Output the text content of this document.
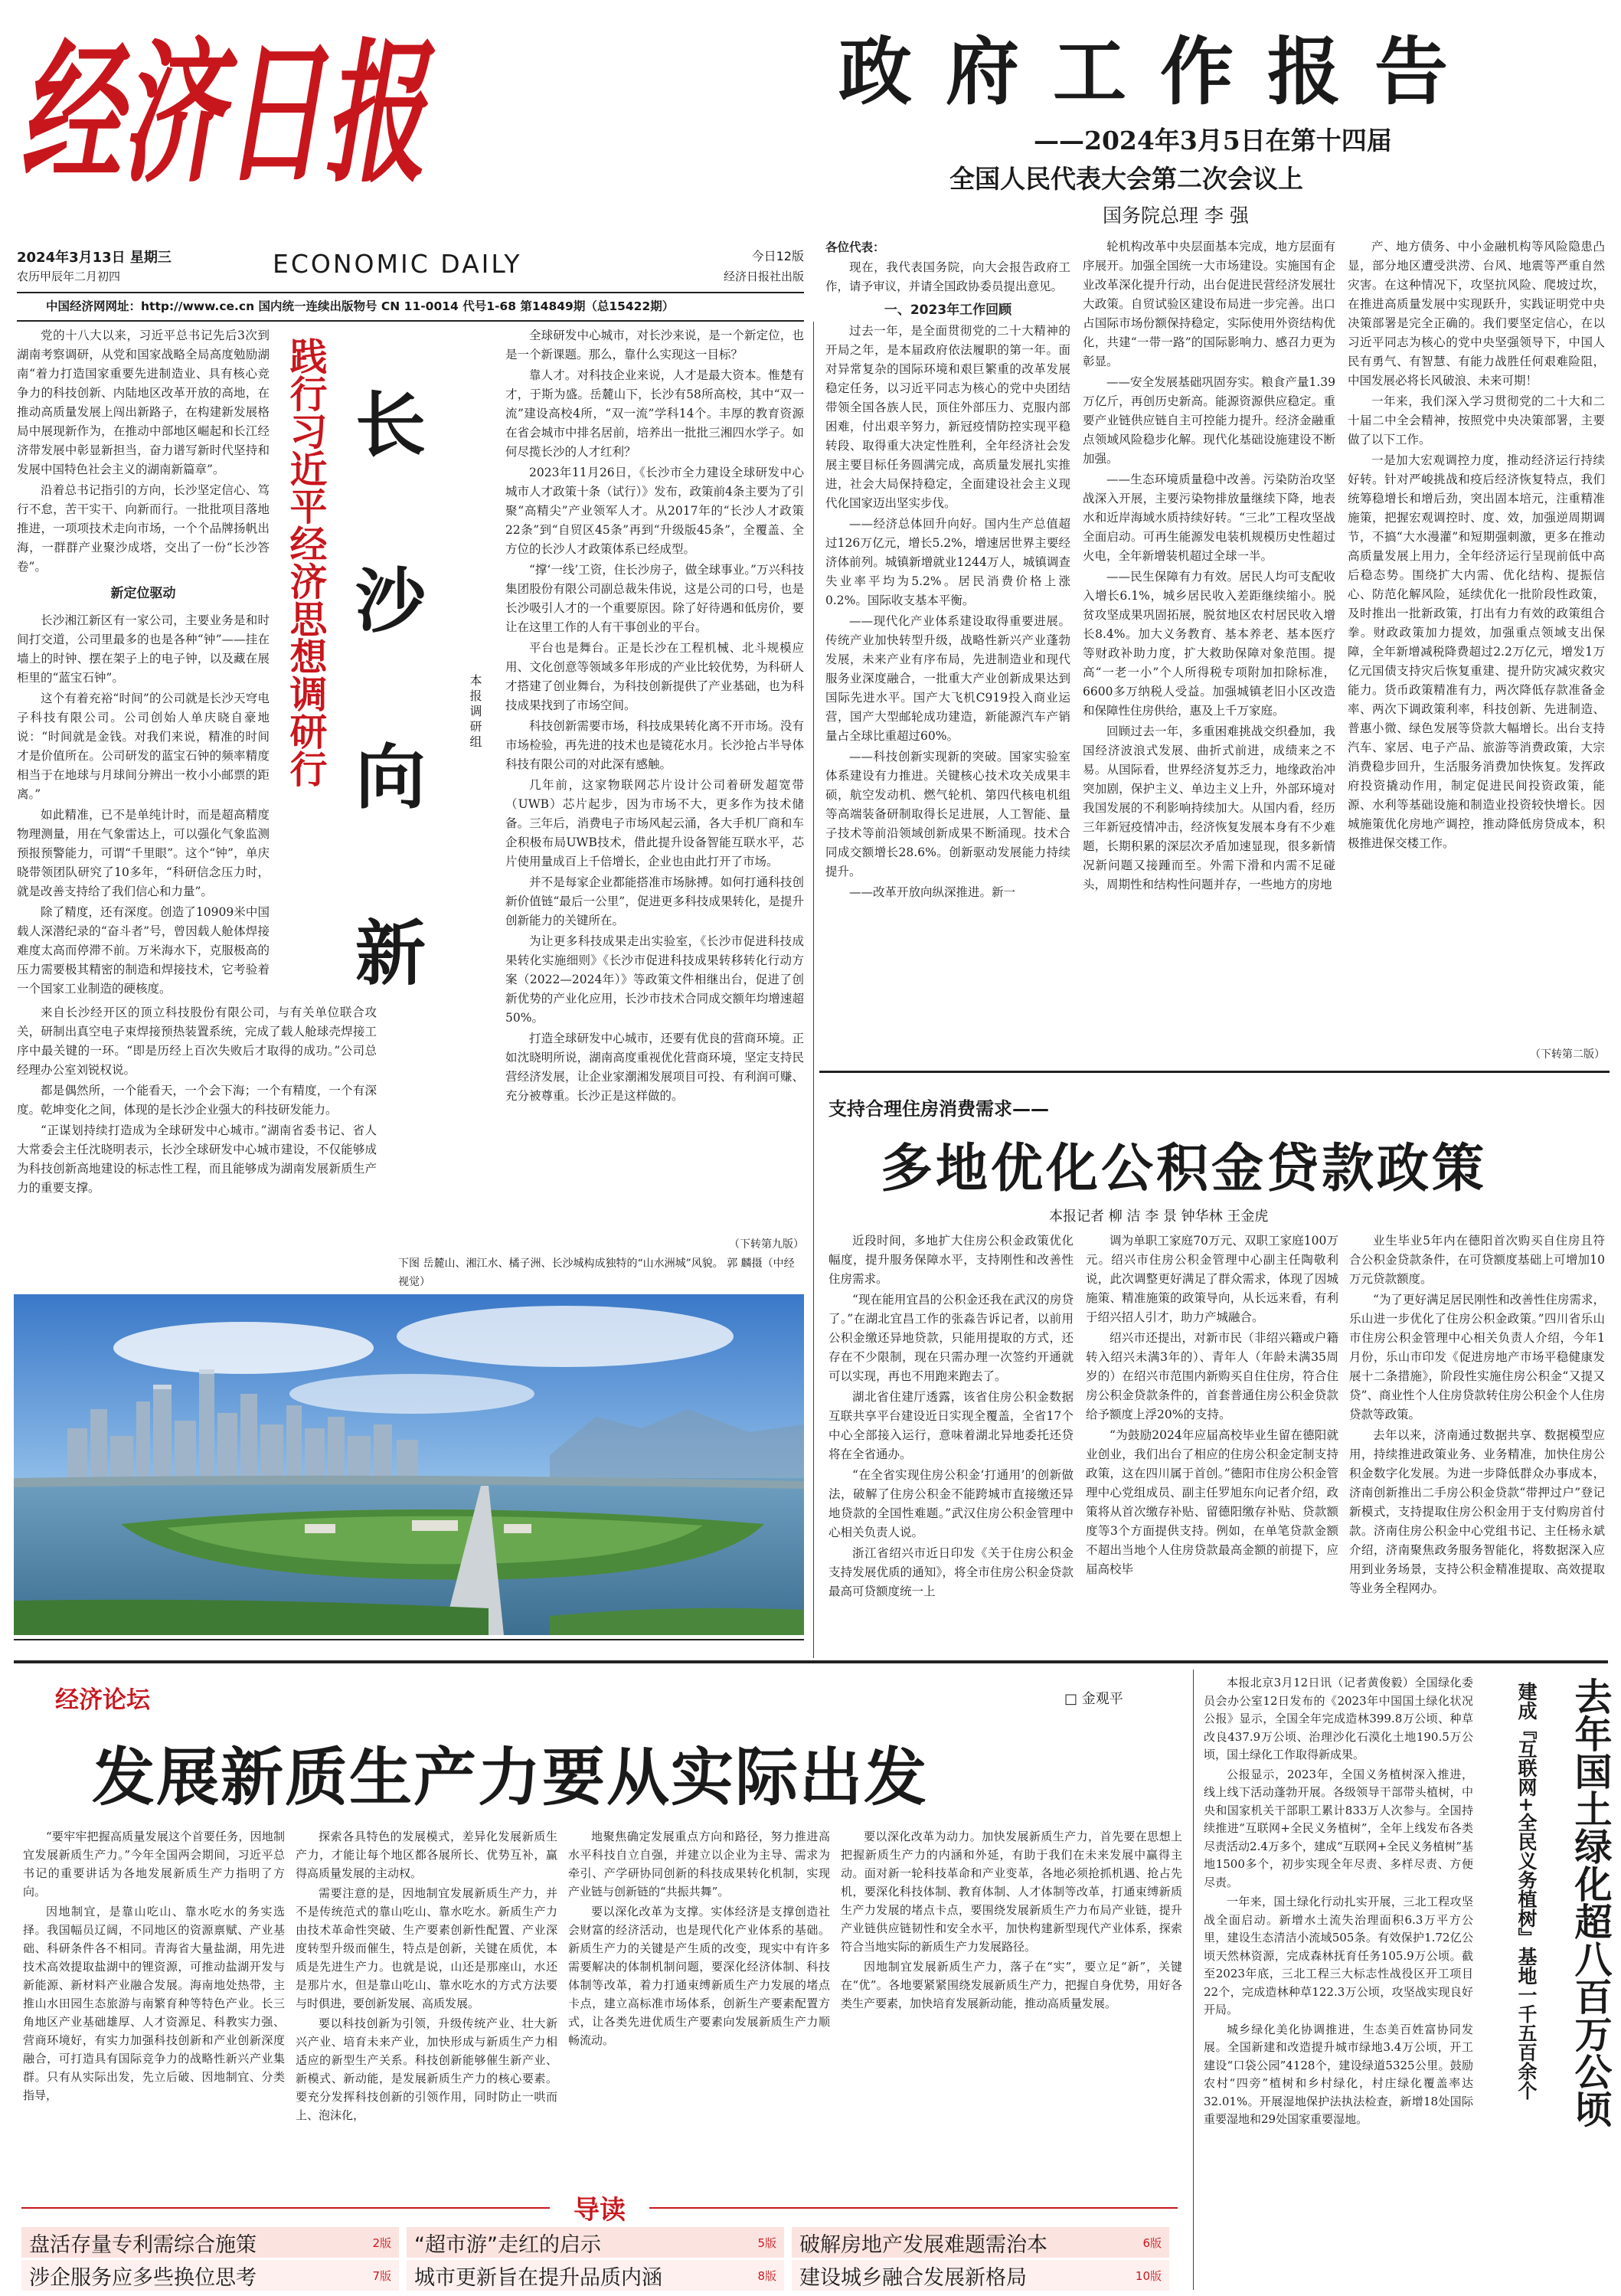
经济日报
2024年3月13日 星期三
农历甲辰年二月初四	ECONOMIC DAILY	今日12版
经济日报社出版
中国经济网网址：http://www.ce.cn 国内统一连续出版物号 CN 11-0014 代号1-68 第14849期（总15422期）
政府工作报告
——2024年3月5日在第十四届
全国人民代表大会第二次会议上
国务院总理 李 强

各位代表：

现在，我代表国务院，向大会报告政府工作，请予审议，并请全国政协委员提出意见。

一、2023年工作回顾

过去一年，是全面贯彻党的二十大精神的开局之年，是本届政府依法履职的第一年。面对异常复杂的国际环境和艰巨繁重的改革发展稳定任务，以习近平同志为核心的党中央团结带领全国各族人民，顶住外部压力、克服内部困难，付出艰辛努力，新冠疫情防控实现平稳转段、取得重大决定性胜利，全年经济社会发展主要目标任务圆满完成，高质量发展扎实推进，社会大局保持稳定，全面建设社会主义现代化国家迈出坚实步伐。

——经济总体回升向好。国内生产总值超过126万亿元，增长5.2%，增速居世界主要经济体前列。城镇新增就业1244万人，城镇调查失业率平均为5.2%。居民消费价格上涨0.2%。国际收支基本平衡。

——现代化产业体系建设取得重要进展。传统产业加快转型升级，战略性新兴产业蓬勃发展，未来产业有序布局，先进制造业和现代服务业深度融合，一批重大产业创新成果达到国际先进水平。国产大飞机C919投入商业运营，国产大型邮轮成功建造，新能源汽车产销量占全球比重超过60%。

——科技创新实现新的突破。国家实验室体系建设有力推进。关键核心技术攻关成果丰硕，航空发动机、燃气轮机、第四代核电机组等高端装备研制取得长足进展，人工智能、量子技术等前沿领域创新成果不断涌现。技术合同成交额增长28.6%。创新驱动发展能力持续提升。

——改革开放向纵深推进。新一

轮机构改革中央层面基本完成，地方层面有序展开。加强全国统一大市场建设。实施国有企业改革深化提升行动，出台促进民营经济发展壮大政策。自贸试验区建设布局进一步完善。出口占国际市场份额保持稳定，实际使用外资结构优化，共建“一带一路”的国际影响力、感召力更为彰显。

——安全发展基础巩固夯实。粮食产量1.39万亿斤，再创历史新高。能源资源供应稳定。重要产业链供应链自主可控能力提升。经济金融重点领域风险稳步化解。现代化基础设施建设不断加强。

——生态环境质量稳中改善。污染防治攻坚战深入开展，主要污染物排放量继续下降，地表水和近岸海域水质持续好转。“三北”工程攻坚战全面启动。可再生能源发电装机规模历史性超过火电，全年新增装机超过全球一半。

——民生保障有力有效。居民人均可支配收入增长6.1%，城乡居民收入差距继续缩小。脱贫攻坚成果巩固拓展，脱贫地区农村居民收入增长8.4%。加大义务教育、基本养老、基本医疗等财政补助力度，扩大救助保障对象范围。提高“一老一小”个人所得税专项附加扣除标准，6600多万纳税人受益。加强城镇老旧小区改造和保障性住房供给，惠及上千万家庭。

回顾过去一年，多重困难挑战交织叠加，我国经济波浪式发展、曲折式前进，成绩来之不易。从国际看，世界经济复苏乏力，地缘政治冲突加剧，保护主义、单边主义上升，外部环境对我国发展的不利影响持续加大。从国内看，经历三年新冠疫情冲击，经济恢复发展本身有不少难题，长期积累的深层次矛盾加速显现，很多新情况新问题又接踵而至。外需下滑和内需不足碰头，周期性和结构性问题并存，一些地方的房地

产、地方债务、中小金融机构等风险隐患凸显，部分地区遭受洪涝、台风、地震等严重自然灾害。在这种情况下，攻坚抗风险、爬坡过坎，在推进高质量发展中实现跃升，实践证明党中央决策部署是完全正确的。我们要坚定信心，在以习近平同志为核心的党中央坚强领导下，中国人民有勇气、有智慧、有能力战胜任何艰难险阻，中国发展必将长风破浪、未来可期！

一年来，我们深入学习贯彻党的二十大和二十届二中全会精神，按照党中央决策部署，主要做了以下工作。

一是加大宏观调控力度，推动经济运行持续好转。针对严峻挑战和疫后经济恢复特点，我们统筹稳增长和增后劲，突出固本培元，注重精准施策，把握宏观调控时、度、效，加强逆周期调节，不搞“大水漫灌”和短期强刺激，更多在推动高质量发展上用力，全年经济运行呈现前低中高后稳态势。围绕扩大内需、优化结构、提振信心、防范化解风险，延续优化一批阶段性政策，及时推出一批新政策，打出有力有效的政策组合拳。财政政策加力提效，加强重点领域支出保障，全年新增减税降费超过2.2万亿元，增发1万亿元国债支持灾后恢复重建、提升防灾减灾救灾能力。货币政策精准有力，两次降低存款准备金率、两次下调政策利率，科技创新、先进制造、普惠小微、绿色发展等贷款大幅增长。出台支持汽车、家居、电子产品、旅游等消费政策，大宗消费稳步回升，生活服务消费加快恢复。发挥政府投资撬动作用，制定促进民间投资政策，能源、水利等基础设施和制造业投资较快增长。因城施策优化房地产调控，推动降低房贷成本，积极推进保交楼工作。

（下转第二版）
践行习近平经济思想调研行 长
沙
向
新
本报调研组

党的十八大以来，习近平总书记先后3次到湖南考察调研，从党和国家战略全局高度勉励湖南“着力打造国家重要先进制造业、具有核心竞争力的科技创新、内陆地区改革开放的高地，在推动高质量发展上闯出新路子，在构建新发展格局中展现新作为，在推动中部地区崛起和长江经济带发展中彰显新担当，奋力谱写新时代坚持和发展中国特色社会主义的湖南新篇章”。

沿着总书记指引的方向，长沙坚定信心、笃行不怠，苦干实干、向新而行。一批批项目落地推进，一项项技术走向市场，一个个品牌扬帆出海，一群群产业聚沙成塔，交出了一份“长沙答卷”。

新定位驱动

长沙湘江新区有一家公司，主要业务是和时间打交道，公司里最多的也是各种“钟”——挂在墙上的时钟、摆在架子上的电子钟，以及藏在展柜里的“蓝宝石钟”。

这个有着充裕“时间”的公司就是长沙天穹电子科技有限公司。公司创始人单庆晓自豪地说：“时间就是金钱。对我们来说，精准的时间才是价值所在。公司研发的蓝宝石钟的频率精度相当于在地球与月球间分辨出一枚小小邮票的距离。”

如此精准，已不是单纯计时，而是超高精度物理测量，用在气象雷达上，可以强化气象监测预报预警能力，可谓“千里眼”。这个“钟”，单庆晓带领团队研究了10多年，“科研信念压力时，就是改善支持给了我们信心和力量”。

除了精度，还有深度。创造了10909米中国载人深潜纪录的“奋斗者”号，曾因载人舱体焊接难度太高而停滞不前。万米海水下，克服极高的压力需要极其精密的制造和焊接技术，它考验着一个国家工业制造的硬核度。

来自长沙经开区的顶立科技股份有限公司，与有关单位联合攻关，研制出真空电子束焊接预热装置系统，完成了载人舱球壳焊接工序中最关键的一环。“即是历经上百次失败后才取得的成功。”公司总经理办公室刘锐权说。

都是偶然所，一个能看天，一个会下海；一个有精度，一个有深度。乾坤变化之间，体现的是长沙企业强大的科技研发能力。

“正谋划持续打造成为全球研发中心城市。”湖南省委书记、省人大常委会主任沈晓明表示，长沙全球研发中心城市建设，不仅能够成为科技创新高地建设的标志性工程，而且能够成为湖南发展新质生产力的重要支撑。

全球研发中心城市，对长沙来说，是一个新定位，也是一个新课题。那么，靠什么实现这一目标？

靠人才。对科技企业来说，人才是最大资本。惟楚有才，于斯为盛。岳麓山下，长沙有58所高校，其中“双一流”建设高校4所，“双一流”学科14个。丰厚的教育资源在省会城市中排名居前，培养出一批批三湘四水学子。如何尽揽长沙的人才红利？

2023年11月26日，《长沙市全力建设全球研发中心城市人才政策十条（试行）》发布，政策前4条主要为了引聚“高精尖”产业领军人才。从2017年的“长沙人才政策22条”到“自贸区45条”再到“升级版45条”，全覆盖、全方位的长沙人才政策体系已经成型。

“撑‘一线’工资，住长沙房子，做全球事业。”万兴科技集团股份有限公司副总裁朱伟说，这是公司的口号，也是长沙吸引人才的一个重要原因。除了好待遇和低房价，要让在这里工作的人有干事创业的平台。

平台也是舞台。正是长沙在工程机械、北斗规模应用、文化创意等领域多年形成的产业比较优势，为科研人才搭建了创业舞台，为科技创新提供了产业基础，也为科技成果找到了市场空间。

科技创新需要市场，科技成果转化离不开市场。没有市场检验，再先进的技术也是镜花水月。长沙抢占半导体科技有限公司的对此深有感触。

几年前，这家物联网芯片设计公司着研发超宽带（UWB）芯片起步，因为市场不大，更多作为技术储备。三年后，消费电子市场风起云涌，各大手机厂商和车企积极布局UWB技术，借此提升设备智能互联水平，芯片使用量成百上千倍增长，企业也由此打开了市场。

并不是每家企业都能搭准市场脉搏。如何打通科技创新价值链“最后一公里”，促进更多科技成果转化，是提升创新能力的关键所在。

为让更多科技成果走出实验室，《长沙市促进科技成果转化实施细则》《长沙市促进科技成果转移转化行动方案（2022—2024年）》等政策文件相继出台，促进了创新优势的产业化应用，长沙市技术合同成交额年均增速超50%。

打造全球研发中心城市，还要有优良的营商环境。正如沈晓明所说，湖南高度重视优化营商环境，坚定支持民营经济发展，让企业家潮湘发展项目可投、有利润可赚、充分被尊重。长沙正是这样做的。

（下转第九版）
下图 岳麓山、湘江水、橘子洲、长沙城构成独特的“山水洲城”风貌。 郭 麟摄（中经视觉）
支持合理住房消费需求——
多地优化公积金贷款政策
本报记者 柳 洁 李 景 钟华林 王金虎

近段时间，多地扩大住房公积金政策优化幅度，提升服务保障水平，支持刚性和改善性住房需求。

“现在能用宜昌的公积金还我在武汉的房贷了。”在湖北宜昌工作的张淼告诉记者，以前用公积金缴还异地贷款，只能用提取的方式，还存在不少限制，现在只需办理一次签约开通就可以实现，再也不用跑来跑去了。

湖北省住建厅透露，该省住房公积金数据互联共享平台建设近日实现全覆盖，全省17个中心全部接入运行，意味着湖北异地委托还贷将在全省通办。

“在全省实现住房公积金‘打通用’的创新做法，破解了住房公积金不能跨城市直接缴还异地贷款的全国性难题。”武汉住房公积金管理中心相关负责人说。

浙江省绍兴市近日印发《关于住房公积金支持发展优质的通知》，将全市住房公积金贷款最高可贷额度统一上

调为单职工家庭70万元、双职工家庭100万元。绍兴市住房公积金管理中心副主任陶敬利说，此次调整更好满足了群众需求，体现了因城施策、精准施策的政策导向，从长远来看，有利于绍兴招人引才，助力产城融合。

绍兴市还提出，对新市民（非绍兴籍或户籍转入绍兴未满3年的）、青年人（年龄未满35周岁的）在绍兴市范围内新购买自住住房，符合住房公积金贷款条件的，首套普通住房公积金贷款给予额度上浮20%的支持。

“为鼓励2024年应届高校毕业生留在德阳就业创业，我们出台了相应的住房公积金定制支持政策，这在四川属于首创。”德阳市住房公积金管理中心党组成员、副主任罗旭东向记者介绍，政策将从首次缴存补贴、留德阳缴存补贴、贷款额度等3个方面提供支持。例如，在单笔贷款金额不超出当地个人住房贷款最高金额的前提下，应届高校毕

业生毕业5年内在德阳首次购买自住房且符合公积金贷款条件，在可贷额度基础上可增加10万元贷款额度。

“为了更好满足居民刚性和改善性住房需求，乐山进一步优化了住房公积金政策。”四川省乐山市住房公积金管理中心相关负责人介绍，今年1月份，乐山市印发《促进房地产市场平稳健康发展十二条措施》，阶段性实施住房公积金“又提又贷”、商业性个人住房贷款转住房公积金个人住房贷款等政策。

去年以来，济南通过数据共享、数据模型应用，持续推进政策业务、业务精准，加快住房公积金数字化发展。为进一步降低群众办事成本，济南创新推出二手房公积金贷款“带押过户”登记新模式，支持提取住房公积金用于支付购房首付款。济南住房公积金中心党组书记、主任杨永斌介绍，济南聚焦政务服务智能化，将数据深入应用到业务场景，支持公积金精准提取、高效提取等业务全程网办。

经济论坛	□ 金观平
发展新质生产力要从实际出发

“要牢牢把握高质量发展这个首要任务，因地制宜发展新质生产力。”今年全国两会期间，习近平总书记的重要讲话为各地发展新质生产力指明了方向。

因地制宜，是靠山吃山、靠水吃水的务实选择。我国幅员辽阔，不同地区的资源禀赋、产业基础、科研条件各不相同。青海省大量盐湖，用先进技术高效提取盐湖中的锂资源，可推动盐湖开发与新能源、新材料产业融合发展。海南地处热带，主推山水田园生态旅游与南繁育种等特色产业。长三角地区产业基础雄厚、人才资源足、科教实力强、营商环境好，有实力加强科技创新和产业创新深度融合，可打造具有国际竞争力的战略性新兴产业集群。只有从实际出发，先立后破、因地制宜、分类指导，

探索各具特色的发展模式，差异化发展新质生产力，才能让每个地区都各展所长、优势互补，赢得高质量发展的主动权。

需要注意的是，因地制宜发展新质生产力，并不是传统范式的靠山吃山、靠水吃水。新质生产力由技术革命性突破、生产要素创新性配置、产业深度转型升级而催生，特点是创新，关键在质优，本质是先进生产力。也就是说，山还是那座山，水还是那片水，但是靠山吃山、靠水吃水的方式方法要与时俱进，要创新发展、高质发展。

要以科技创新为引领，升级传统产业、壮大新兴产业、培育未来产业，加快形成与新质生产力相适应的新型生产关系。科技创新能够催生新产业、新模式、新动能，是发展新质生产力的核心要素。要充分发挥科技创新的引领作用，同时防止一哄而上、泡沫化，

地聚焦确定发展重点方向和路径，努力推进高水平科技自立自强，并建立以企业为主导、需求为牵引、产学研协同创新的科技成果转化机制，实现产业链与创新链的“共振共舞”。

要以深化改革为支撑。实体经济是支撑创造社会财富的经济活动，也是现代化产业体系的基础。新质生产力的关键是产生质的改变，现实中有许多需要解决的体制机制问题，要深化经济体制、科技体制等改革，着力打通束缚新质生产力发展的堵点卡点，建立高标准市场体系，创新生产要素配置方式，让各类先进优质生产要素向发展新质生产力顺畅流动。

要以深化改革为动力。加快发展新质生产力，首先要在思想上把握新质生产力的内涵和外延，有助于我们在未来发展中赢得主动。面对新一轮科技革命和产业变革，各地必须抢抓机遇、抢占先机，要深化科技体制、教育体制、人才体制等改革，打通束缚新质生产力发展的堵点卡点，要围绕发展新质生产力布局产业链，提升产业链供应链韧性和安全水平，加快构建新型现代产业体系，探索符合当地实际的新质生产力发展路径。

因地制宜发展新质生产力，落子在“实”，要立足“新”，关键在“优”。各地要紧紧围绕发展新质生产力，把握自身优势，用好各类生产要素，加快培育发展新动能，推动高质量发展。

本报北京3月12日讯（记者黄俊毅）全国绿化委员会办公室12日发布的《2023年中国国土绿化状况公报》显示，全国全年完成造林399.8万公顷、种草改良437.9万公顷、治理沙化石漠化土地190.5万公顷，国土绿化工作取得新成果。

公报显示，2023年，全国义务植树深入推进，线上线下活动蓬勃开展。各级领导干部带头植树，中央和国家机关干部职工累计833万人次参与。全国持续推进“互联网+全民义务植树”，全年上线发布各类尽责活动2.4万多个，建成“互联网+全民义务植树”基地1500多个，初步实现全年尽责、多样尽责、方便尽责。

一年来，国土绿化行动扎实开展，三北工程攻坚战全面启动。新增水土流失治理面积6.3万平方公里，建设生态清洁小流域505条。有效保护1.72亿公顷天然林资源，完成森林抚育任务105.9万公顷。截至2023年底，三北工程三大标志性战役区开工项目22个，完成造林种草122.3万公顷，攻坚战实现良好开局。

城乡绿化美化协调推进，生态美百姓富协同发展。全国新建和改造提升城市绿地3.4万公顷，开工建设“口袋公园”4128个，建设绿道5325公里。鼓励农村“四旁”植树和乡村绿化，村庄绿化覆盖率达32.01%。开展湿地保护法执法检查，新增18处国际重要湿地和29处国家重要湿地。	去年国土绿化超八百万公顷
建成『互联网+全民义务植树』基地一千五百余个
导读
盘活存量专利需综合施策	2版 “超市游”走红的启示	5版 破解房地产发展难题需治本	6版
涉企服务应多些换位思考	7版 城市更新旨在提升品质内涵	8版 建设城乡融合发展新格局	10版
